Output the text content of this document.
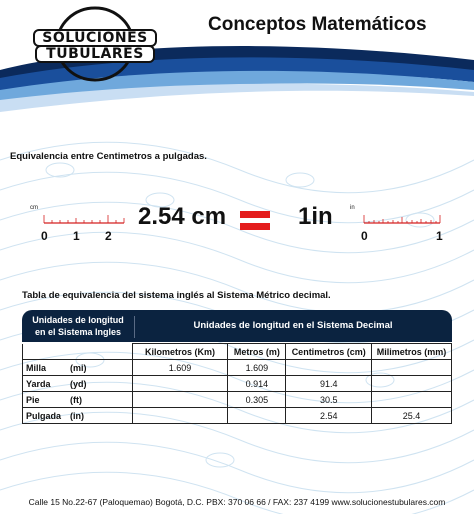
SOLUCIONES
TUBULARES
Conceptos Matemáticos
Equivalencia entre Centimetros a pulgadas.
cm
0 1 2
2.54 cm	1in	in
0	1
Tabla de equivalencia del sistema inglés al Sistema Métrico decimal.
Unidades de longitud
en el Sistema Ingles
Unidades de longitud en el Sistema Decimal
	Kilometros (Km)	Metros (m)	Centimetros (cm)	Milimetros (mm)
Milla (mi)	1.609	1.609		
Yarda (yd)		0.914	91.4	
Pie (ft)		0.305	30.5	
Pulgada (in)			2.54	25.4
Calle 15 No.22-67 (Paloquemao) Bogotá, D.C. PBX: 370 06 66 / FAX: 237 4199 www.solucionestubulares.com
